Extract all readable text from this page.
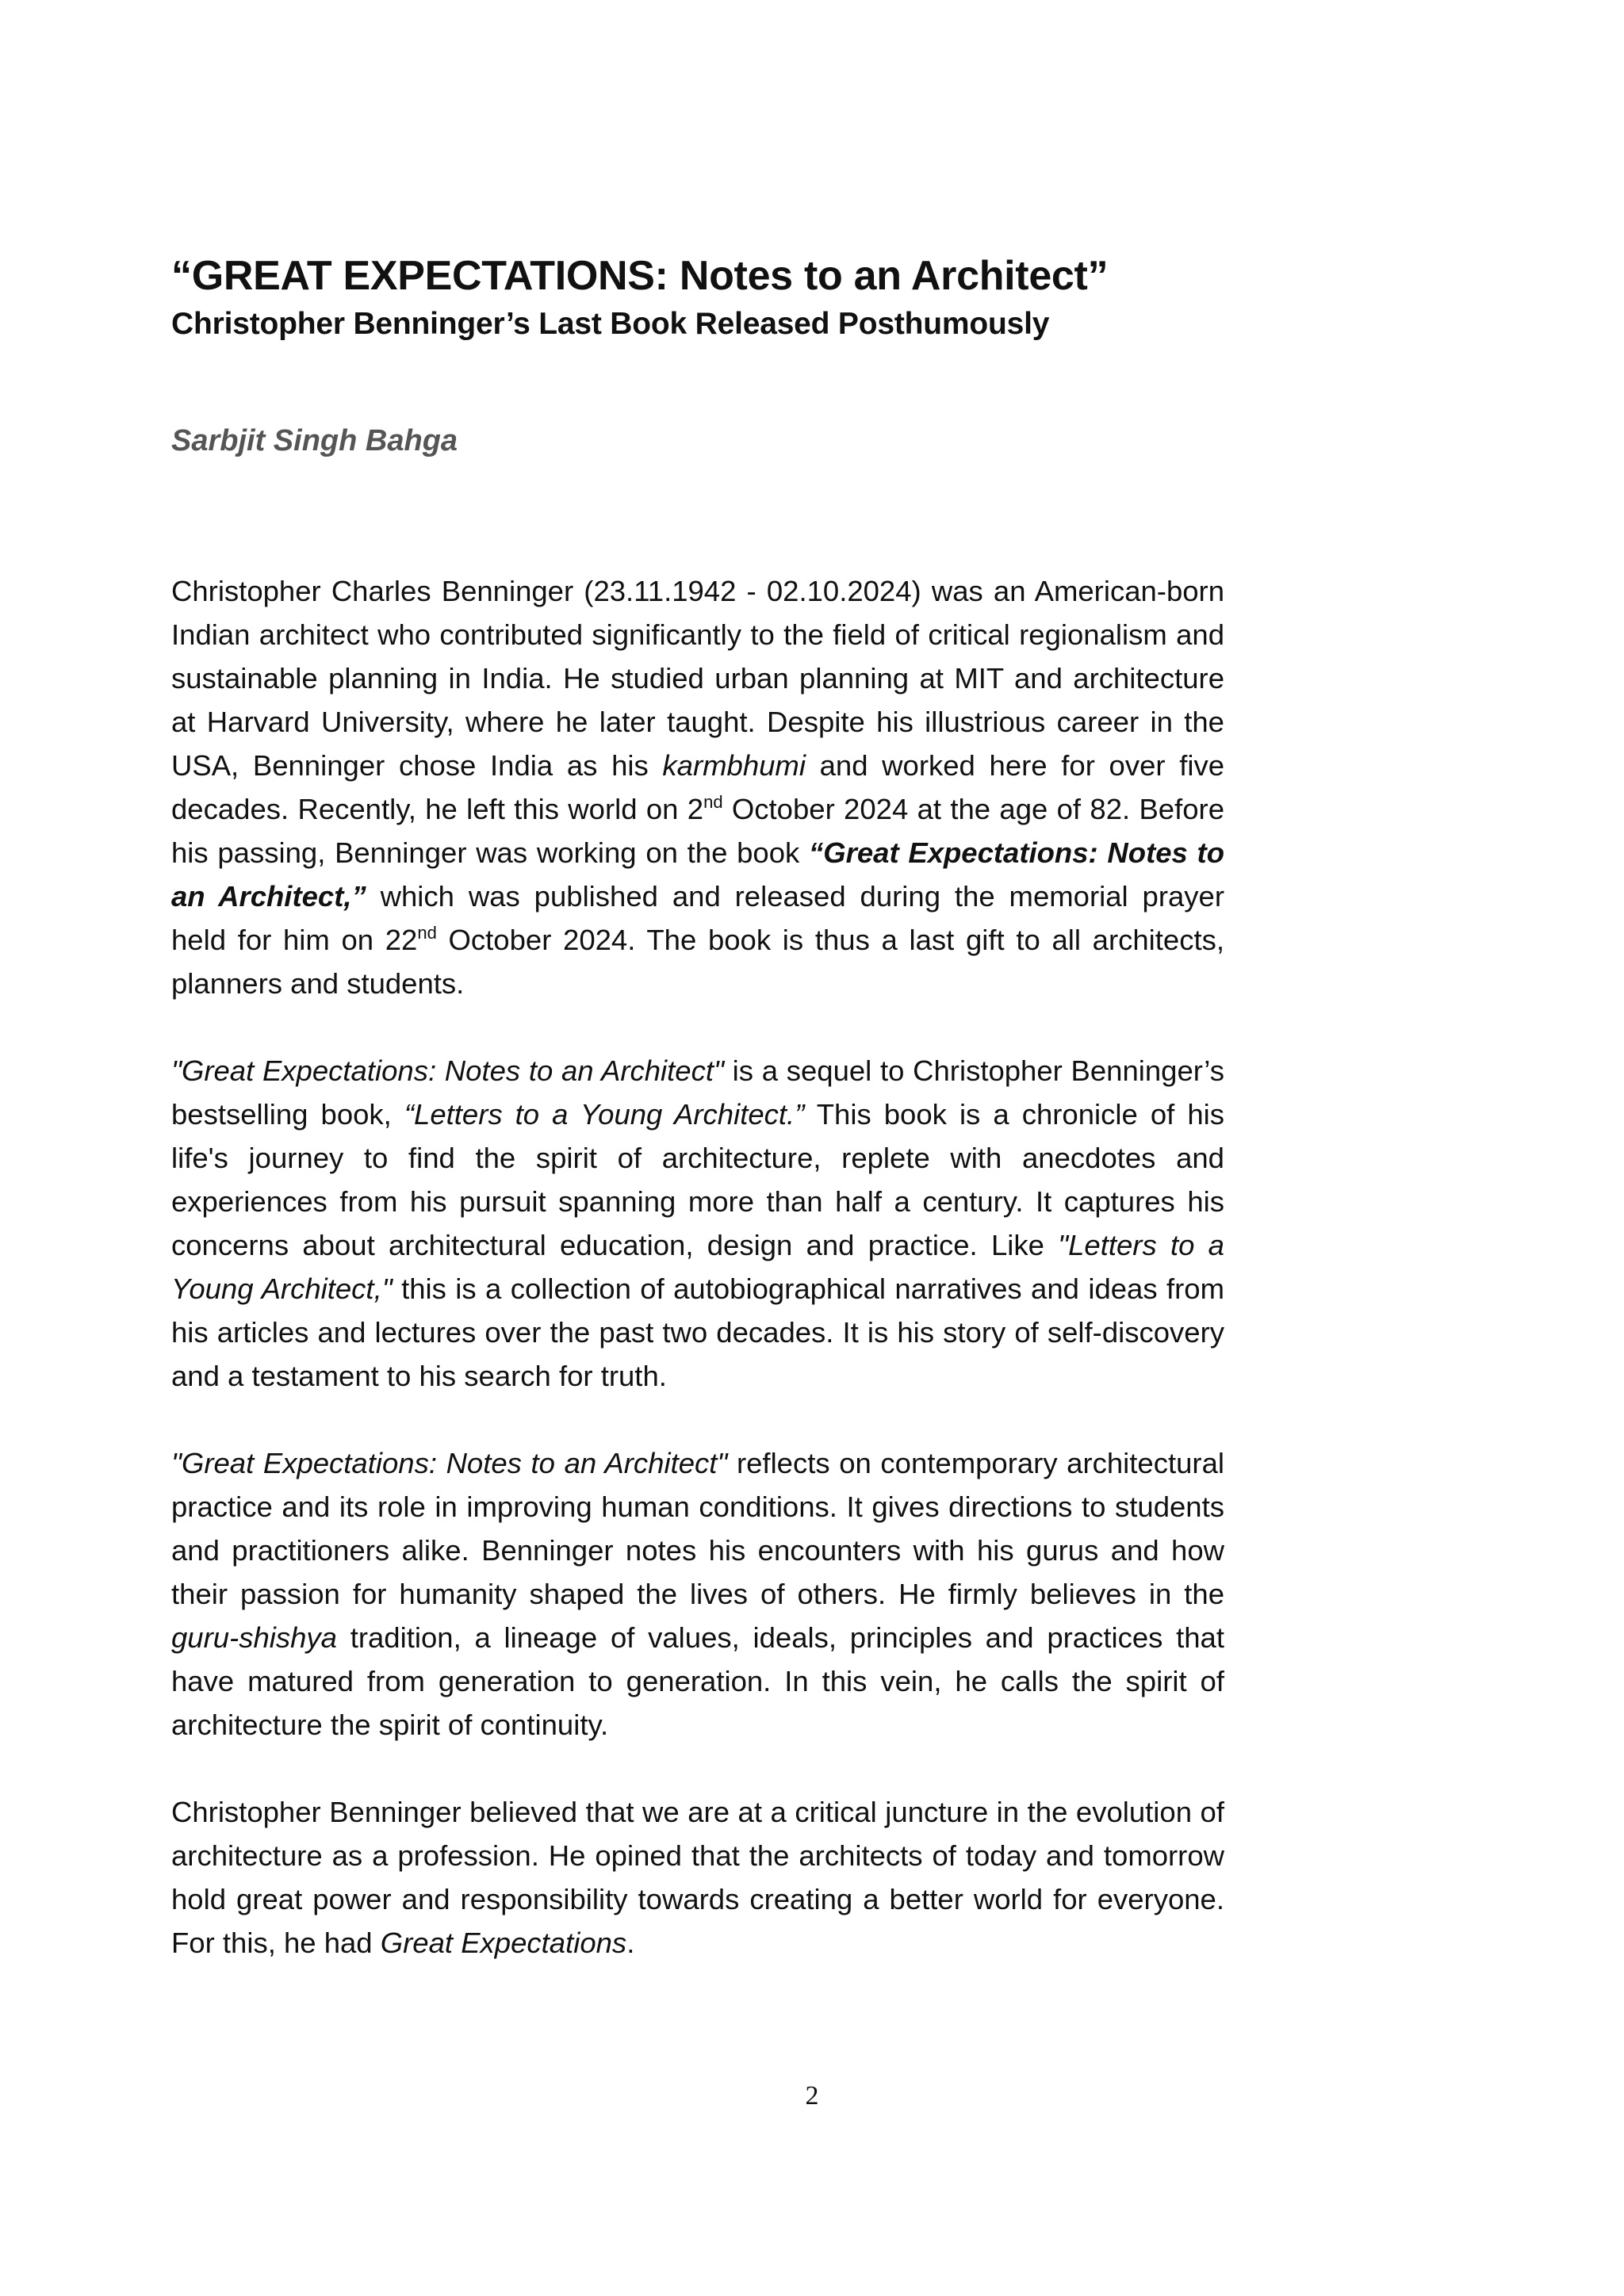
“GREAT EXPECTATIONS: Notes to an Architect”
Christopher Benninger’s Last Book Released Posthumously
Sarbjit Singh Bahga

Christopher Charles Benninger (23.11.1942 - 02.10.2024) was an American-born Indian architect who contributed significantly to the field of critical regionalism and sustainable planning in India. He studied urban planning at MIT and architecture at Harvard University, where he later taught. Despite his illustrious career in the USA, Benninger chose India as his karmbhumi and worked here for over five decades. Recently, he left this world on 2nd October 2024 at the age of 82. Before his passing, Benninger was working on the book “Great Expectations: Notes to an Architect,” which was published and released during the memorial prayer held for him on 22nd October 2024. The book is thus a last gift to all architects, planners and students.

"Great Expectations: Notes to an Architect" is a sequel to Christopher Benninger’s bestselling book, “Letters to a Young Architect.” This book is a chronicle of his life's journey to find the spirit of architecture, replete with anecdotes and experiences from his pursuit spanning more than half a century. It captures his concerns about architectural education, design and practice. Like "Letters to a Young Architect," this is a collection of autobiographical narratives and ideas from his articles and lectures over the past two decades. It is his story of self-discovery and a testament to his search for truth.

"Great Expectations: Notes to an Architect" reflects on contemporary architectural practice and its role in improving human conditions. It gives directions to students and practitioners alike. Benninger notes his encounters with his gurus and how their passion for humanity shaped the lives of others. He firmly believes in the guru-shishya tradition, a lineage of values, ideals, principles and practices that have matured from generation to generation. In this vein, he calls the spirit of architecture the spirit of continuity.

Christopher Benninger believed that we are at a critical juncture in the evolution of architecture as a profession. He opined that the architects of today and tomorrow hold great power and responsibility towards creating a better world for everyone. For this, he had Great Expectations.

2
